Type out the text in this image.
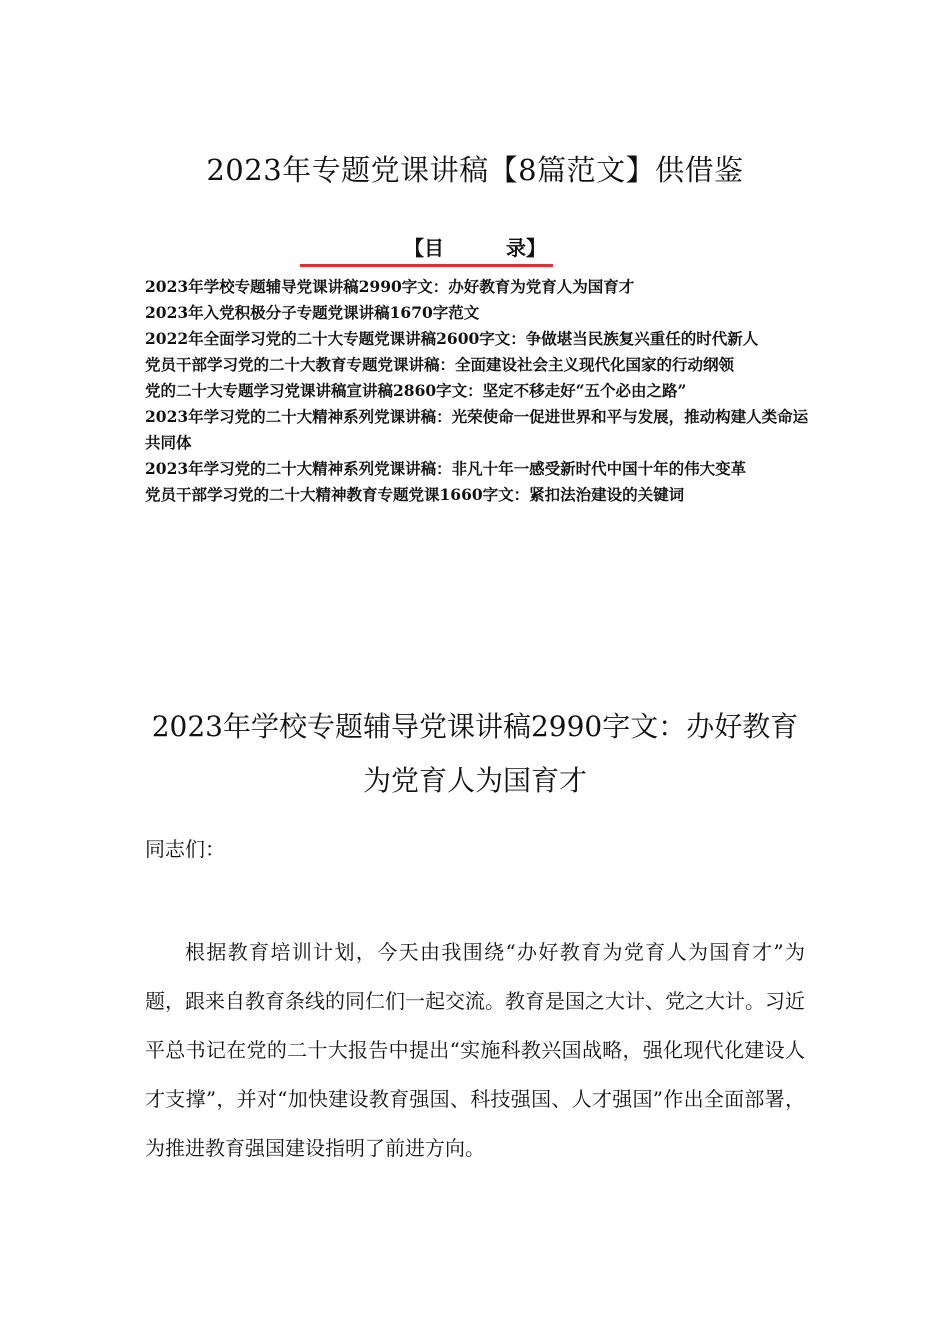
2023年专题党课讲稿【8篇范文】供借鉴
【目	录】
2023年学校专题辅导党课讲稿2990字文：办好教育为党育人为国育才
2023年入党积极分子专题党课讲稿1670字范文
2022年全面学习党的二十大专题党课讲稿2600字文：争做堪当民族复兴重任的时代新人
党员干部学习党的二十大教育专题党课讲稿：全面建设社会主义现代化国家的行动纲领
党的二十大专题学习党课讲稿宣讲稿2860字文：坚定不移走好“五个必由之路”
2023年学习党的二十大精神系列党课讲稿：光荣使命一促进世界和平与发展，推动构建人类命运共同体
2023年学习党的二十大精神系列党课讲稿：非凡十年一感受新时代中国十年的伟大变革
党员干部学习党的二十大精神教育专题党课1660字文：紧扣法治建设的关键词
2023年学校专题辅导党课讲稿2990字文：办好教育为党育人为国育才
同志们：

根据教育培训计划，今天由我围绕“办好教育为党育人为国育才”为题，跟来自教育条线的同仁们一起交流。教育是国之大计、党之大计。习近平总书记在党的二十大报告中提出“实施科教兴国战略，强化现代化建设人才支撑”，并对“加快建设教育强国、科技强国、人才强国”作出全面部署，为推进教育强国建设指明了前进方向。
